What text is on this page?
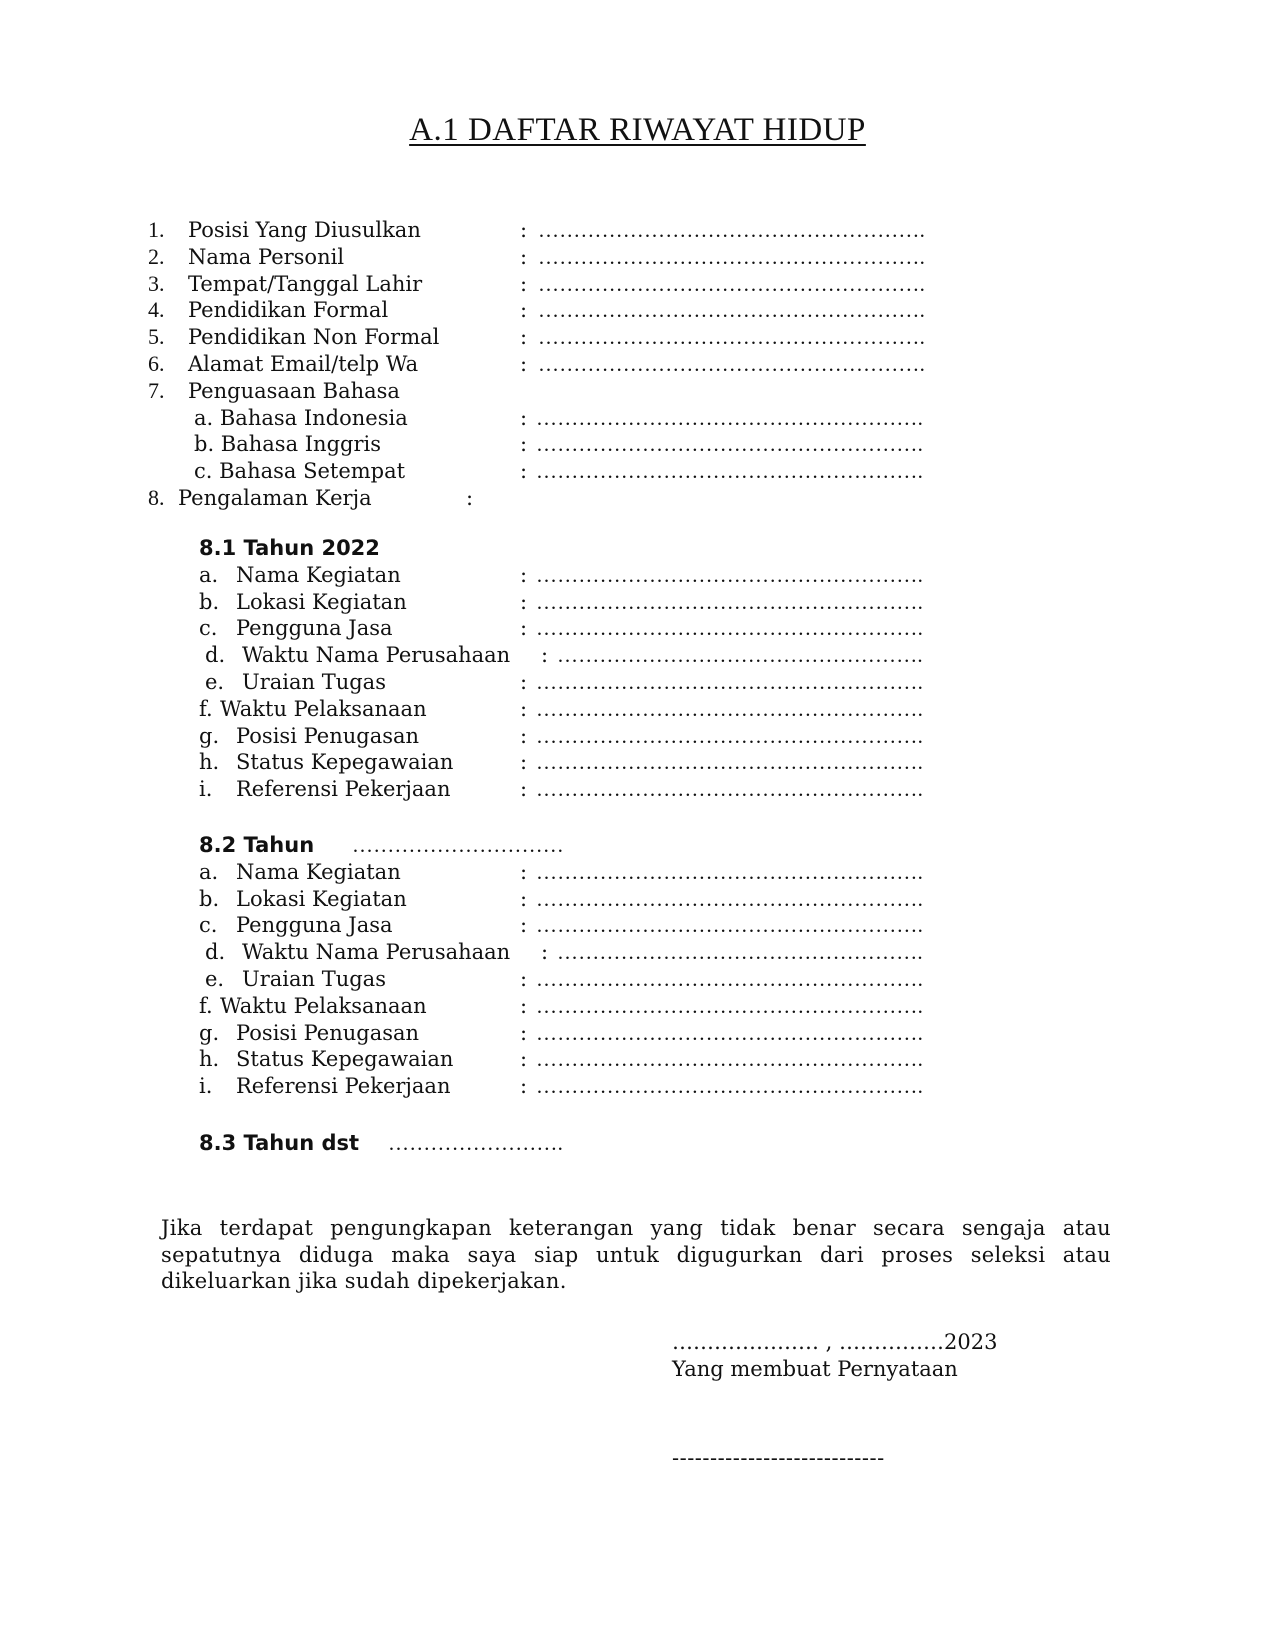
A.1 DAFTAR RIWAYAT HIDUP
1. Posisi Yang Diusulkan	: ……………………………………………….
2. Nama Personil	: ……………………………………………….
3. Tempat/Tanggal Lahir	: ……………………………………………….
4. Pendidikan Formal	: ……………………………………………….
5. Pendidikan Non Formal	: ……………………………………………….
6. Alamat Email/telp Wa	: ……………………………………………….
7. Penguasaan Bahasa
a. Bahasa Indonesia	: ……………………………………………….
b. Bahasa Inggris	: ……………………………………………….
c. Bahasa Setempat	: ……………………………………………….
8. Pengalaman Kerja	:
8.1 Tahun 2022
a. Nama Kegiatan	: ……………………………………………….
b. Lokasi Kegiatan	: ……………………………………………….
c. Pengguna Jasa	: ……………………………………………….
d. Waktu Nama Perusahaan : …………………………………………….
e. Uraian Tugas	: ……………………………………………….
f. Waktu Pelaksanaan	: ……………………………………………….
g. Posisi Penugasan	: ……………………………………………….
h. Status Kepegawaian	: ……………………………………………….
i. Referensi Pekerjaan	: ……………………………………………….
8.2 Tahun …………………………
a. Nama Kegiatan	: ……………………………………………….
b. Lokasi Kegiatan	: ……………………………………………….
c. Pengguna Jasa	: ……………………………………………….
d. Waktu Nama Perusahaan : …………………………………………….
e. Uraian Tugas	: ……………………………………………….
f. Waktu Pelaksanaan	: ……………………………………………….
g. Posisi Penugasan	: ……………………………………………….
h. Status Kepegawaian	: ……………………………………………….
i. Referensi Pekerjaan	: ……………………………………………….
8.3 Tahun dst …………………….
Jika terdapat pengungkapan keterangan yang tidak benar secara sengaja atau sepatutnya diduga maka saya siap untuk digugurkan dari proses seleksi atau dikeluarkan jika sudah dipekerjakan.
………………… , ……………2023
Yang membuat Pernyataan
----------------------------
